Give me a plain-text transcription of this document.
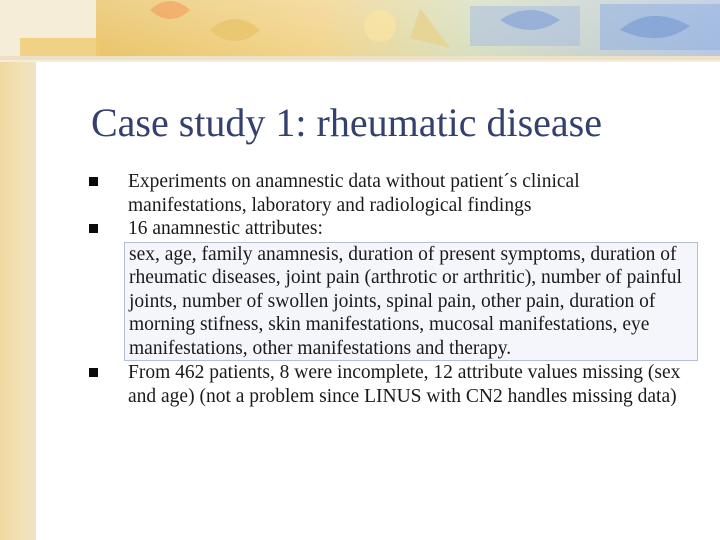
Case study 1: rheumatic disease
Experiments on anamnestic data without patient´s clinical manifestations, laboratory and radiological findings
16 anamnestic attributes:
sex, age, family anamnesis, duration of present symptoms, duration of rheumatic diseases, joint pain (arthrotic or arthritic), number of painful joints, number of swollen joints, spinal pain, other pain, duration of morning stifness, skin manifestations, mucosal manifestations, eye manifestations, other manifestations and therapy.
From 462 patients, 8 were incomplete, 12 attribute values missing (sex and age) (not a problem since LINUS with CN2 handles missing data)
